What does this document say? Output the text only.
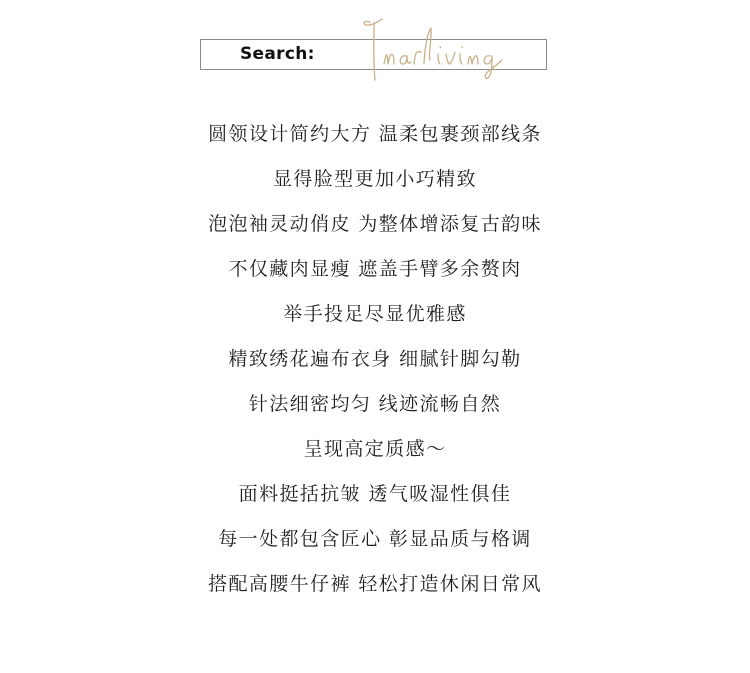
Search:
圆领设计简约大方 温柔包裹颈部线条
显得脸型更加小巧精致
泡泡袖灵动俏皮 为整体增添复古韵味
不仅藏肉显瘦 遮盖手臂多余赘肉
举手投足尽显优雅感
精致绣花遍布衣身 细腻针脚勾勒
针法细密均匀 线迹流畅自然
呈现高定质感～
面料挺括抗皱 透气吸湿性俱佳
每一处都包含匠心 彰显品质与格调
搭配高腰牛仔裤 轻松打造休闲日常风
